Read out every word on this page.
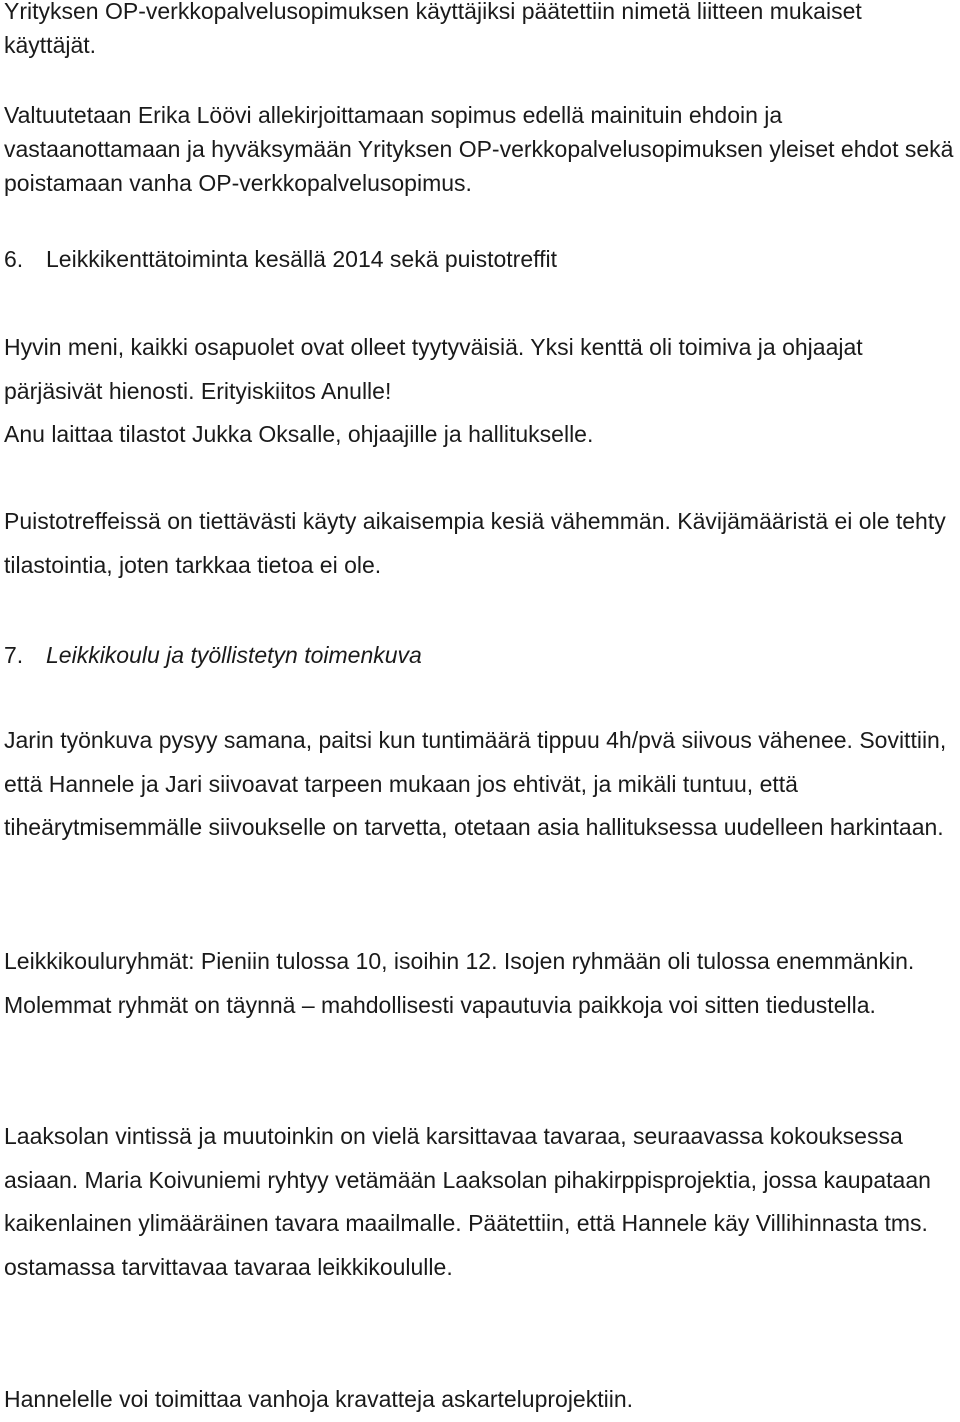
Yrityksen OP-verkkopalvelusopimuksen käyttäjiksi päätettiin nimetä liitteen mukaiset käyttäjät.

Valtuutetaan Erika Löövi allekirjoittamaan sopimus edellä mainituin ehdoin ja vastaanottamaan ja hyväksymään Yrityksen OP-verkkopalvelusopimuksen yleiset ehdot sekä poistamaan vanha OP-verkkopalvelusopimus.

6. Leikkikenttätoiminta kesällä 2014 sekä puistotreffit

Hyvin meni, kaikki osapuolet ovat olleet tyytyväisiä. Yksi kenttä oli toimiva ja ohjaajat pärjäsivät hienosti. Erityiskiitos Anulle!

Anu laittaa tilastot Jukka Oksalle, ohjaajille ja hallitukselle.

Puistotreffeissä on tiettävästi käyty aikaisempia kesiä vähemmän. Kävijämääristä ei ole tehty tilastointia, joten tarkkaa tietoa ei ole.

7. Leikkikoulu ja työllistetyn toimenkuva

Jarin työnkuva pysyy samana, paitsi kun tuntimäärä tippuu 4h/pvä siivous vähenee. Sovittiin, että Hannele ja Jari siivoavat tarpeen mukaan jos ehtivät, ja mikäli tuntuu, että tiheärytmisemmälle siivoukselle on tarvetta, otetaan asia hallituksessa uudelleen harkintaan.

Leikkikouluryhmät: Pieniin tulossa 10, isoihin 12. Isojen ryhmään oli tulossa enemmänkin. Molemmat ryhmät on täynnä – mahdollisesti vapautuvia paikkoja voi sitten tiedustella.

Laaksolan vintissä ja muutoinkin on vielä karsittavaa tavaraa, seuraavassa kokouksessa asiaan. Maria Koivuniemi ryhtyy vetämään Laaksolan pihakirppisprojektia, jossa kaupataan kaikenlainen ylimääräinen tavara maailmalle. Päätettiin, että Hannele käy Villihinnasta tms. ostamassa tarvittavaa tavaraa leikkikoululle.

Hannelelle voi toimittaa vanhoja kravatteja askarteluprojektiin.
